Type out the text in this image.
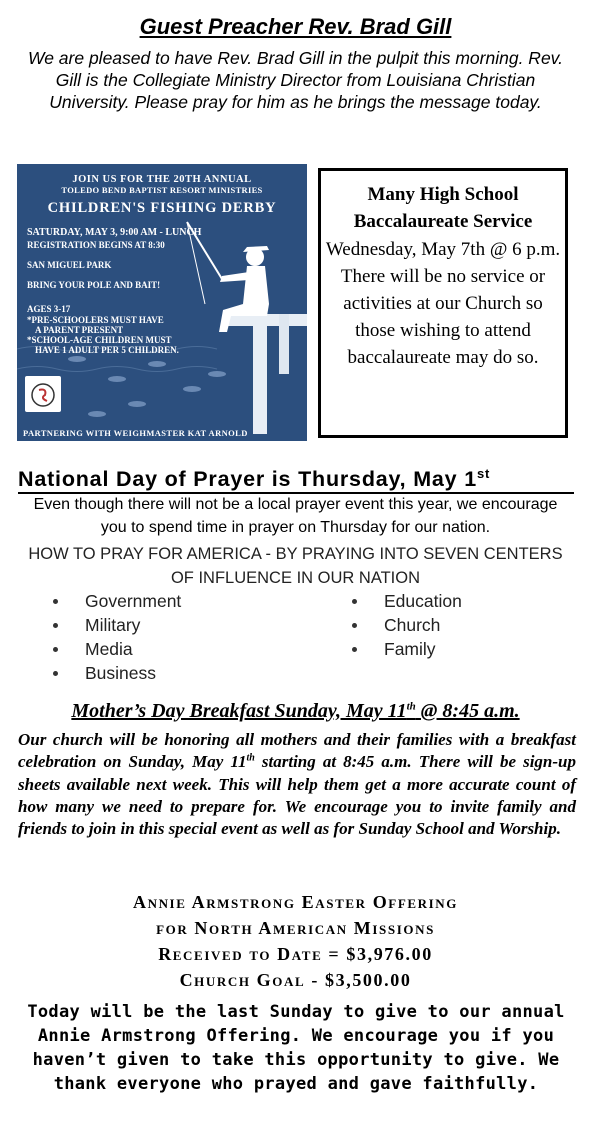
Guest Preacher Rev. Brad Gill
We are pleased to have Rev. Brad Gill in the pulpit this morning. Rev. Gill is the Collegiate Ministry Director from Louisiana Christian University. Please pray for him as he brings the message today.
JOIN US FOR THE 20TH ANNUAL
TOLEDO BEND BAPTIST RESORT MINISTRIES
CHILDREN'S FISHING DERBY
SATURDAY, MAY 3, 9:00 AM - LUNCH
REGISTRATION BEGINS AT 8:30
SAN MIGUEL PARK
BRING YOUR POLE AND BAIT!
AGES 3-17
*PRE-SCHOOLERS MUST HAVE
A PARENT PRESENT
*SCHOOL-AGE CHILDREN MUST
HAVE 1 ADULT PER 5 CHILDREN.
PARTNERING WITH WEIGHMASTER KAT ARNOLD
Many High School
Baccalaureate Service
Wednesday, May 7th @ 6 p.m. There will be no service or activities at our Church so those wishing to attend baccalaureate may do so.
National Day of Prayer is Thursday, May 1st
Even though there will not be a local prayer event this year, we encourage you to spend time in prayer on Thursday for our nation.
HOW TO PRAY FOR AMERICA - BY PRAYING INTO SEVEN CENTERS OF INFLUENCE IN OUR NATION
Government
Military
Media
Business
Education
Church
Family
Mother’s Day Breakfast Sunday, May 11th @ 8:45 a.m.

Our church will be honoring all mothers and their families with a breakfast celebration on Sunday, May 11th starting at 8:45 a.m. There will be sign-up sheets available next week. This will help them get a more accurate count of how many we need to prepare for. We encourage you to invite family and friends to join in this special event as well as for Sunday School and Worship.

Annie Armstrong Easter Offering
for North American Missions
Received to Date = $3,976.00
Church Goal - $3,500.00
Today will be the last Sunday to give to our annual Annie Armstrong Offering. We encourage you if you haven’t given to take this opportunity to give. We thank everyone who prayed and gave faithfully.
